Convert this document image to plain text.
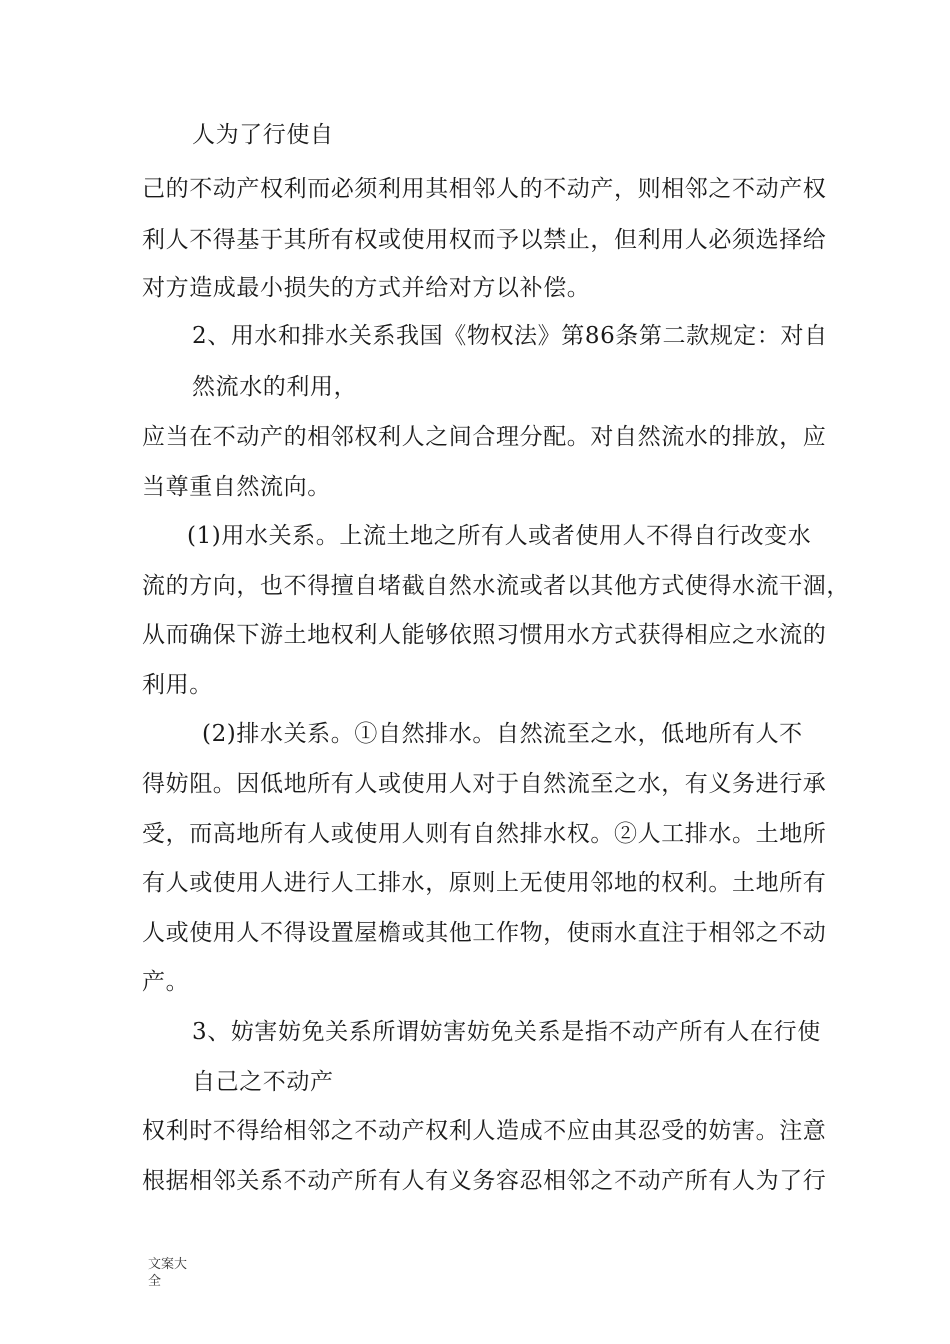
人为了行使自
己的不动产权利而必须利用其相邻人的不动产，则相邻之不动产权
利人不得基于其所有权或使用权而予以禁止，但利用人必须选择给
对方造成最小损失的方式并给对方以补偿。
2、用水和排水关系我国《物权法》第86条第二款规定：对自
然流水的利用，
应当在不动产的相邻权利人之间合理分配。对自然流水的排放，应
当尊重自然流向。
(1)用水关系。上流土地之所有人或者使用人不得自行改变水
流的方向，也不得擅自堵截自然水流或者以其他方式使得水流干涸，
从而确保下游土地权利人能够依照习惯用水方式获得相应之水流的
利用。
(2)排水关系。①自然排水。自然流至之水，低地所有人不
得妨阻。因低地所有人或使用人对于自然流至之水，有义务进行承
受，而高地所有人或使用人则有自然排水权。②人工排水。土地所
有人或使用人进行人工排水，原则上无使用邻地的权利。土地所有
人或使用人不得设置屋檐或其他工作物，使雨水直注于相邻之不动
产。
3、妨害妨免关系所谓妨害妨免关系是指不动产所有人在行使
自己之不动产
权利时不得给相邻之不动产权利人造成不应由其忍受的妨害。注意
根据相邻关系不动产所有人有义务容忍相邻之不动产所有人为了行
文案大全
